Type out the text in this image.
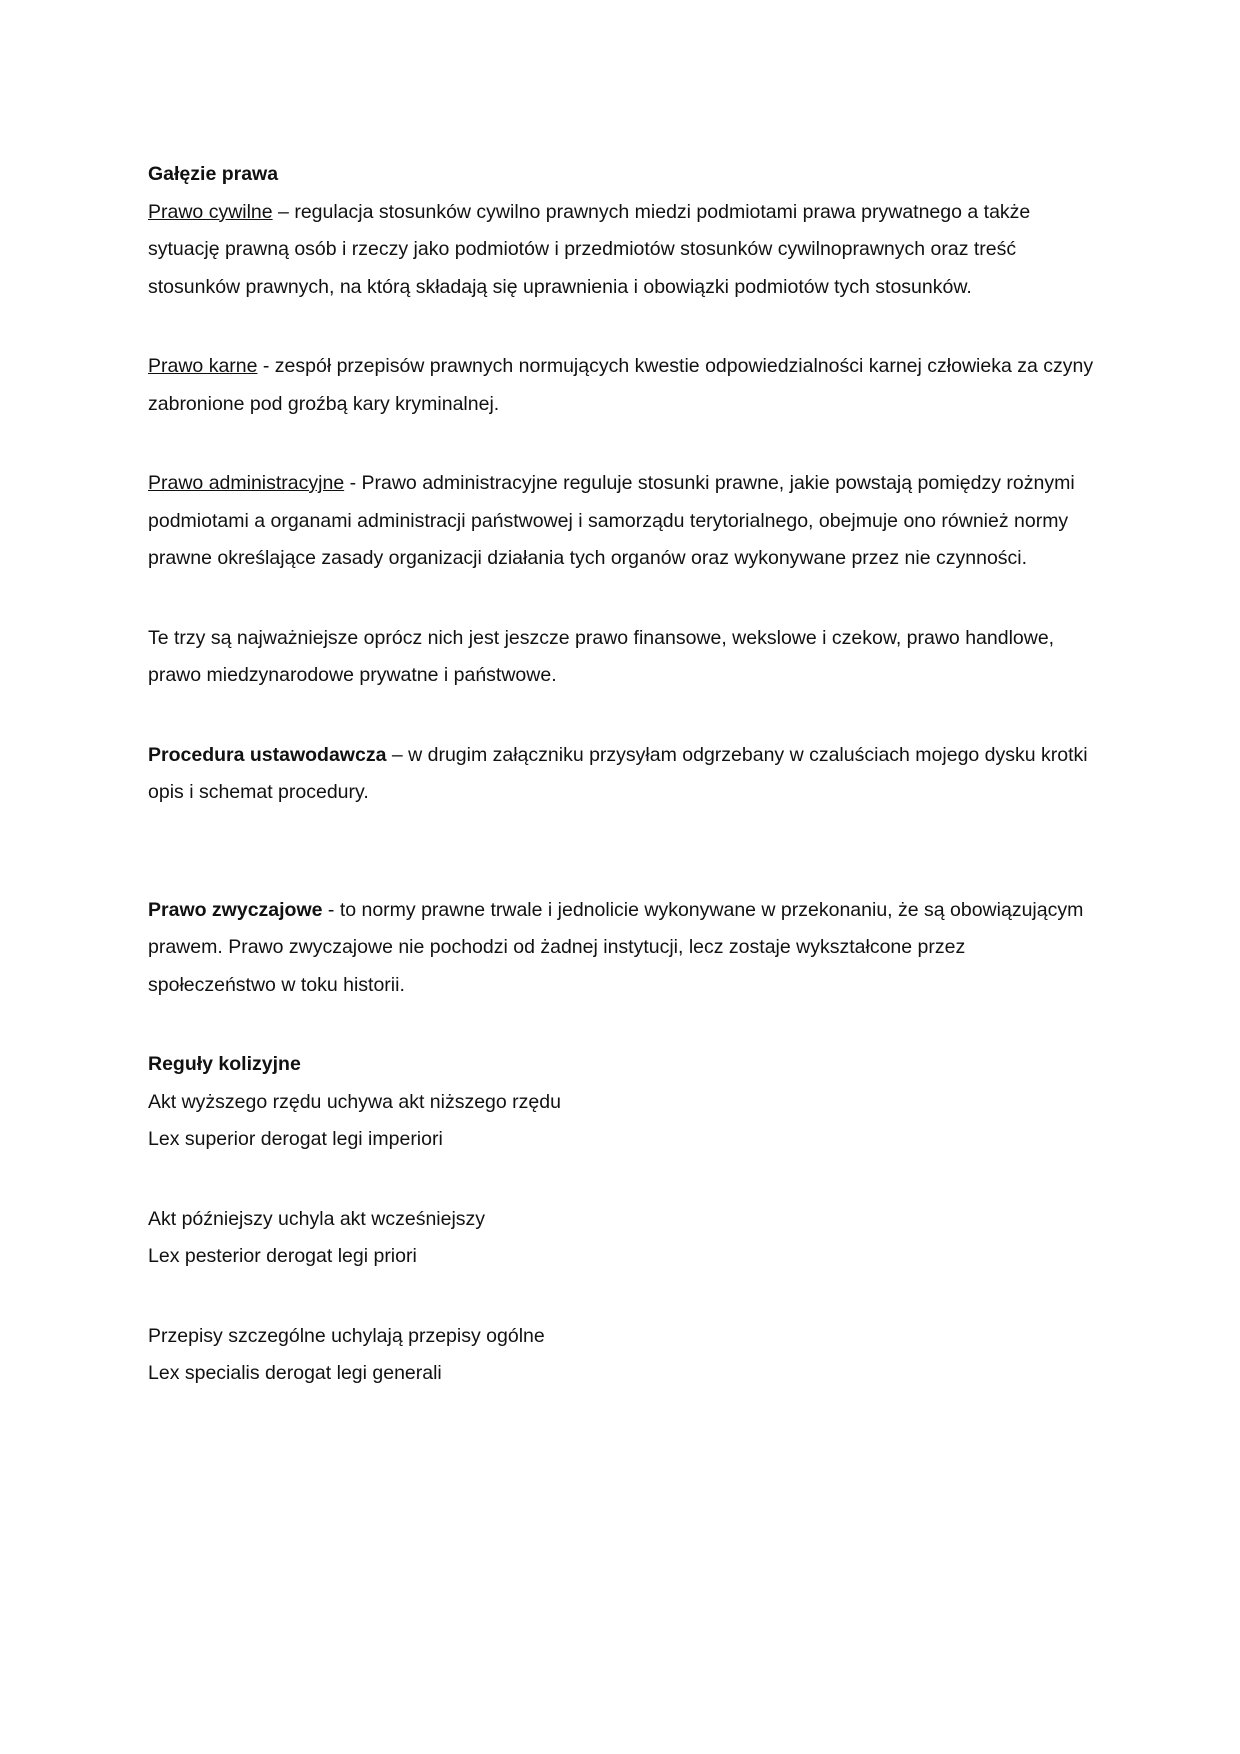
Gałęzie prawa

Prawo cywilne – regulacja stosunków cywilno prawnych miedzi podmiotami prawa prywatnego a także sytuację prawną osób i rzeczy jako podmiotów i przedmiotów stosunków cywilnoprawnych oraz treść stosunków prawnych, na którą składają się uprawnienia i obowiązki podmiotów tych stosunków.

Prawo karne - zespół przepisów prawnych normujących kwestie odpowiedzialności karnej człowieka za czyny zabronione pod groźbą kary kryminalnej.

Prawo administracyjne - Prawo administracyjne reguluje stosunki prawne, jakie powstają pomiędzy rożnymi podmiotami a organami administracji państwowej i samorządu terytorialnego, obejmuje ono również normy prawne określające zasady organizacji działania tych organów oraz wykonywane przez nie czynności.

Te trzy są najważniejsze oprócz nich jest jeszcze prawo finansowe, wekslowe i czekow, prawo handlowe, prawo miedzynarodowe prywatne i państwowe.

Procedura ustawodawcza – w drugim załączniku przysyłam odgrzebany w czaluściach mojego dysku krotki opis i schemat procedury.

Prawo zwyczajowe - to normy prawne trwale i jednolicie wykonywane w przekonaniu, że są obowiązującym prawem. Prawo zwyczajowe nie pochodzi od żadnej instytucji, lecz zostaje wykształcone przez społeczeństwo w toku historii.

Reguły kolizyjne

Akt wyższego rzędu uchywa akt niższego rzędu
Lex superior derogat legi imperiori
Akt późniejszy uchyla akt wcześniejszy
Lex pesterior derogat legi priori
Przepisy szczególne uchylają przepisy ogólne
Lex specialis derogat legi generali
